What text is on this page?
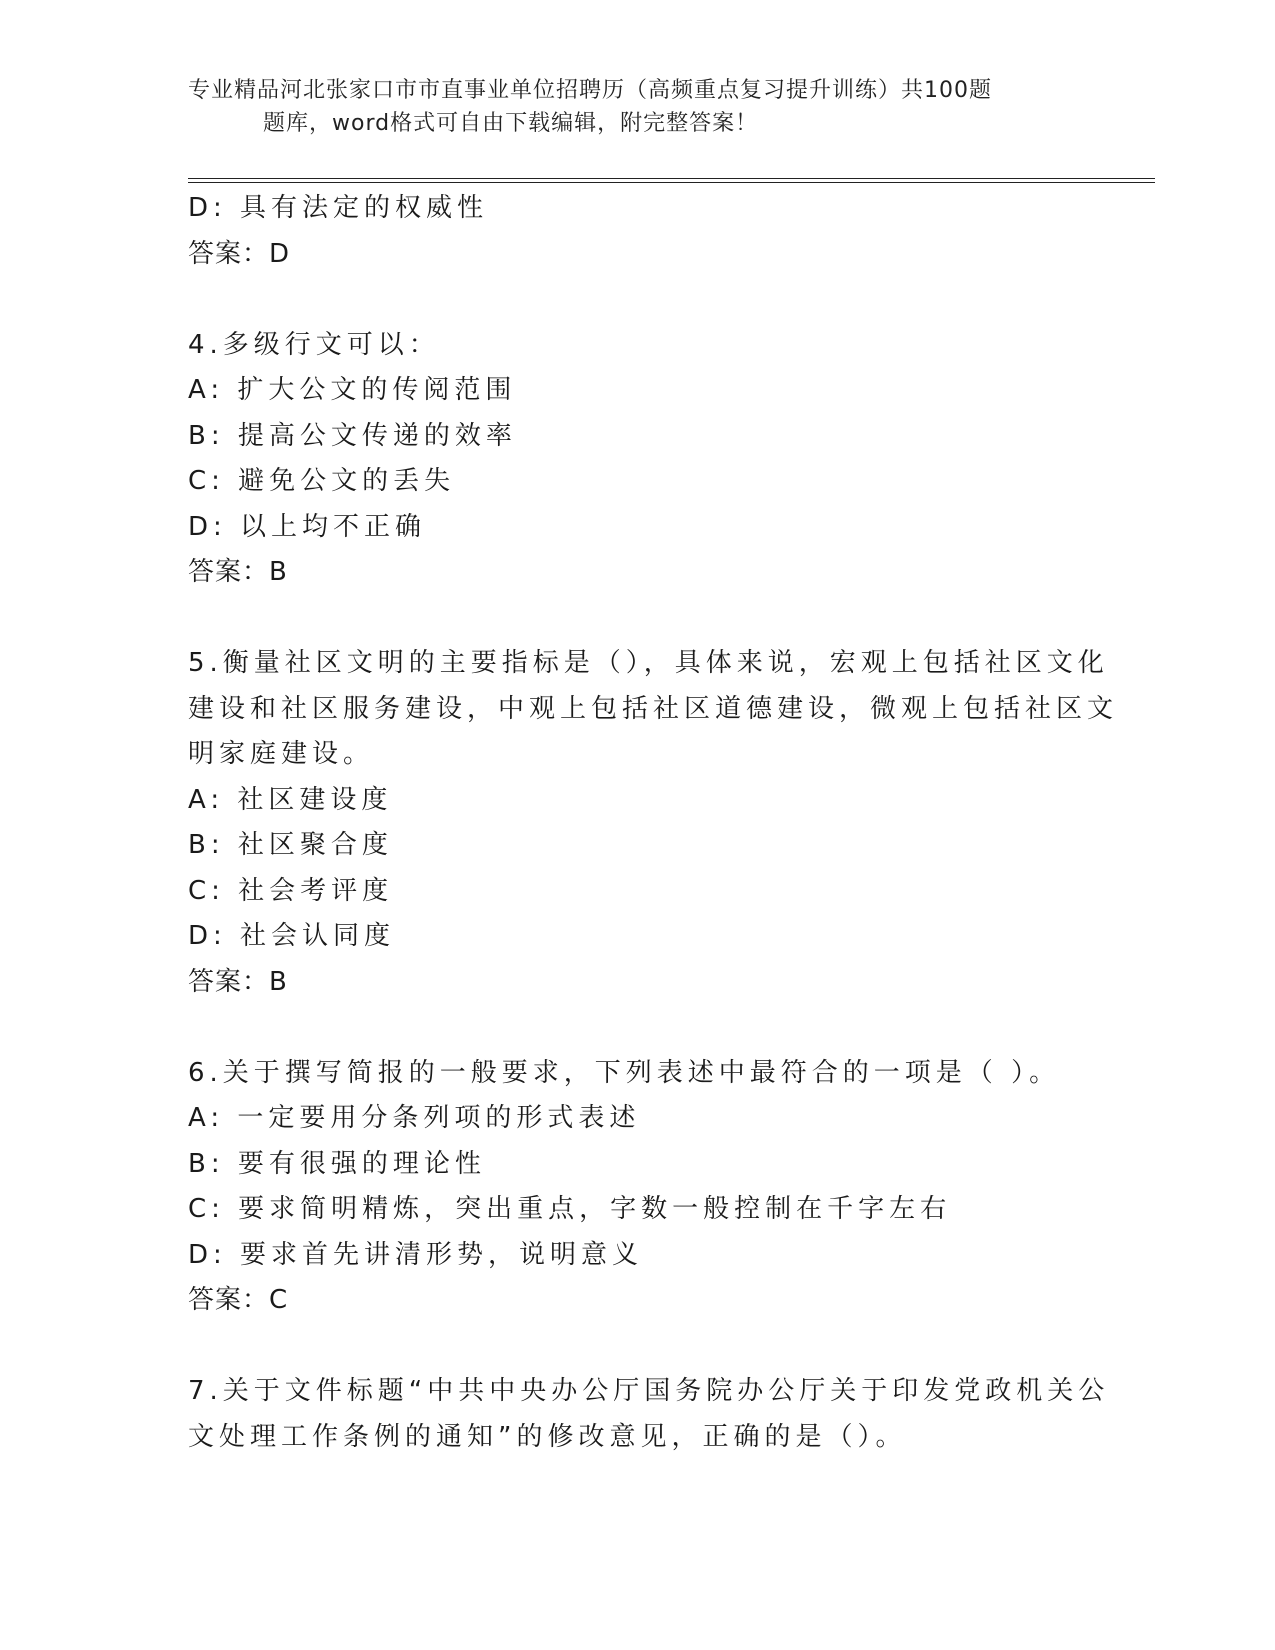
专业精品河北张家口市市直事业单位招聘历（高频重点复习提升训练）共100题
题库，word格式可自由下载编辑，附完整答案！
D: 具有法定的权威性
答案：D
4.多级行文可以：
A: 扩大公文的传阅范围
B: 提高公文传递的效率
C: 避免公文的丢失
D: 以上均不正确
答案：B
5.衡量社区文明的主要指标是（），具体来说，宏观上包括社区文化
建设和社区服务建设，中观上包括社区道德建设，微观上包括社区文
明家庭建设。
A: 社区建设度
B: 社区聚合度
C: 社会考评度
D: 社会认同度
答案：B
6.关于撰写简报的一般要求，下列表述中最符合的一项是（ ）。
A: 一定要用分条列项的形式表述
B: 要有很强的理论性
C: 要求简明精炼，突出重点，字数一般控制在千字左右
D: 要求首先讲清形势，说明意义
答案：C
7.关于文件标题“中共中央办公厅国务院办公厅关于印发党政机关公
文处理工作条例的通知”的修改意见，正确的是（）。
